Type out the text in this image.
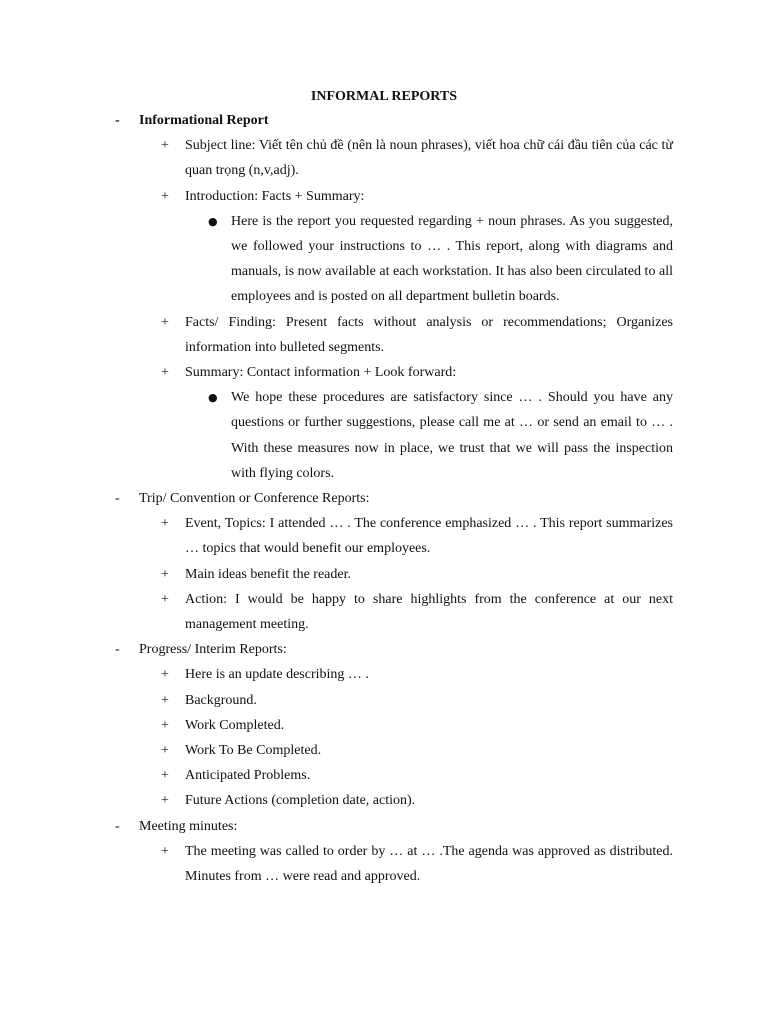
INFORMAL REPORTS
- Informational Report
+ Subject line: Viết tên chủ đề (nên là noun phrases), viết hoa chữ cái đầu tiên của các từ quan trọng (n,v,adj).
+ Introduction: Facts + Summary:
● Here is the report you requested regarding + noun phrases. As you suggested, we followed your instructions to … . This report, along with diagrams and manuals, is now available at each workstation. It has also been circulated to all employees and is posted on all department bulletin boards.
+ Facts/ Finding: Present facts without analysis or recommendations; Organizes information into bulleted segments.
+ Summary: Contact information + Look forward:
● We hope these procedures are satisfactory since … . Should you have any questions or further suggestions, please call me at … or send an email to … . With these measures now in place, we trust that we will pass the inspection with flying colors.
- Trip/ Convention or Conference Reports:
+ Event, Topics: I attended … . The conference emphasized … . This report summarizes … topics that would benefit our employees.
+ Main ideas benefit the reader.
+ Action: I would be happy to share highlights from the conference at our next management meeting.
- Progress/ Interim Reports:
+ Here is an update describing … .
+ Background.
+ Work Completed.
+ Work To Be Completed.
+ Anticipated Problems.
+ Future Actions (completion date, action).
- Meeting minutes:
+ The meeting was called to order by … at … .The agenda was approved as distributed. Minutes from … were read and approved.
